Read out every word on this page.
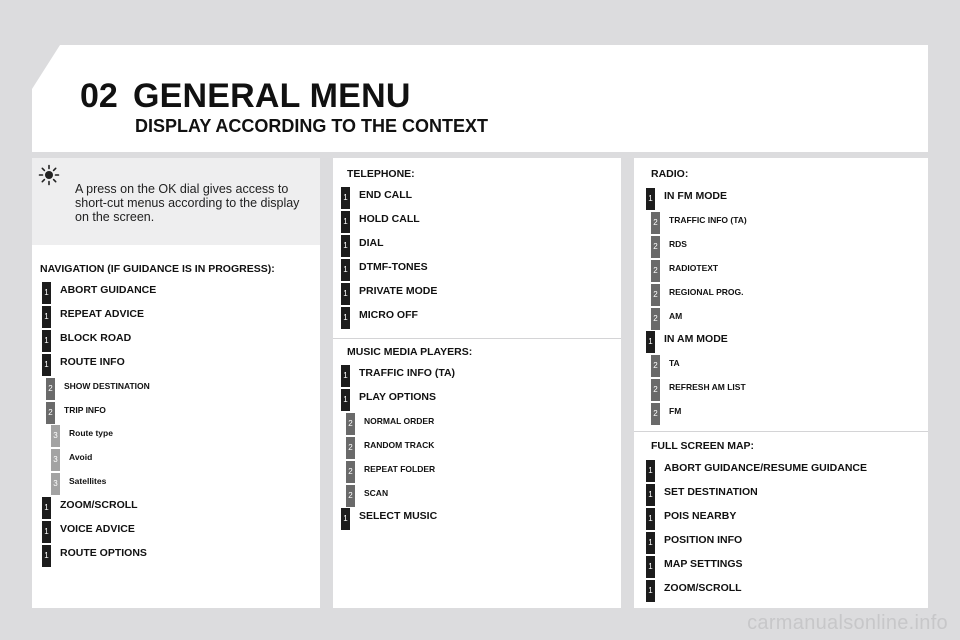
02 GENERAL MENU
DISPLAY ACCORDING TO THE CONTEXT
A press on the OK dial gives access to short-cut menus according to the display on the screen.
NAVIGATION (IF GUIDANCE IS IN PROGRESS):
1 ABORT GUIDANCE
1 REPEAT ADVICE
1 BLOCK ROAD
1 ROUTE INFO
2 SHOW DESTINATION
2 TRIP INFO
3 Route type
3 Avoid
3 Satellites
1 ZOOM/SCROLL
1 VOICE ADVICE
1 ROUTE OPTIONS
TELEPHONE:
1 END CALL
1 HOLD CALL
1 DIAL
1 DTMF-TONES
1 PRIVATE MODE
1 MICRO OFF
MUSIC MEDIA PLAYERS:
1 TRAFFIC INFO (TA)
1 PLAY OPTIONS
2 NORMAL ORDER
2 RANDOM TRACK
2 REPEAT FOLDER
2 SCAN
1 SELECT MUSIC
RADIO:
1 IN FM MODE
2 TRAFFIC INFO (TA)
2 RDS
2 RADIOTEXT
2 REGIONAL PROG.
2 AM
1 IN AM MODE
2 TA
2 REFRESH AM LIST
2 FM
FULL SCREEN MAP:
1 ABORT GUIDANCE/RESUME GUIDANCE
1 SET DESTINATION
1 POIS NEARBY
1 POSITION INFO
1 MAP SETTINGS
1 ZOOM/SCROLL
carmanualsonline.info
